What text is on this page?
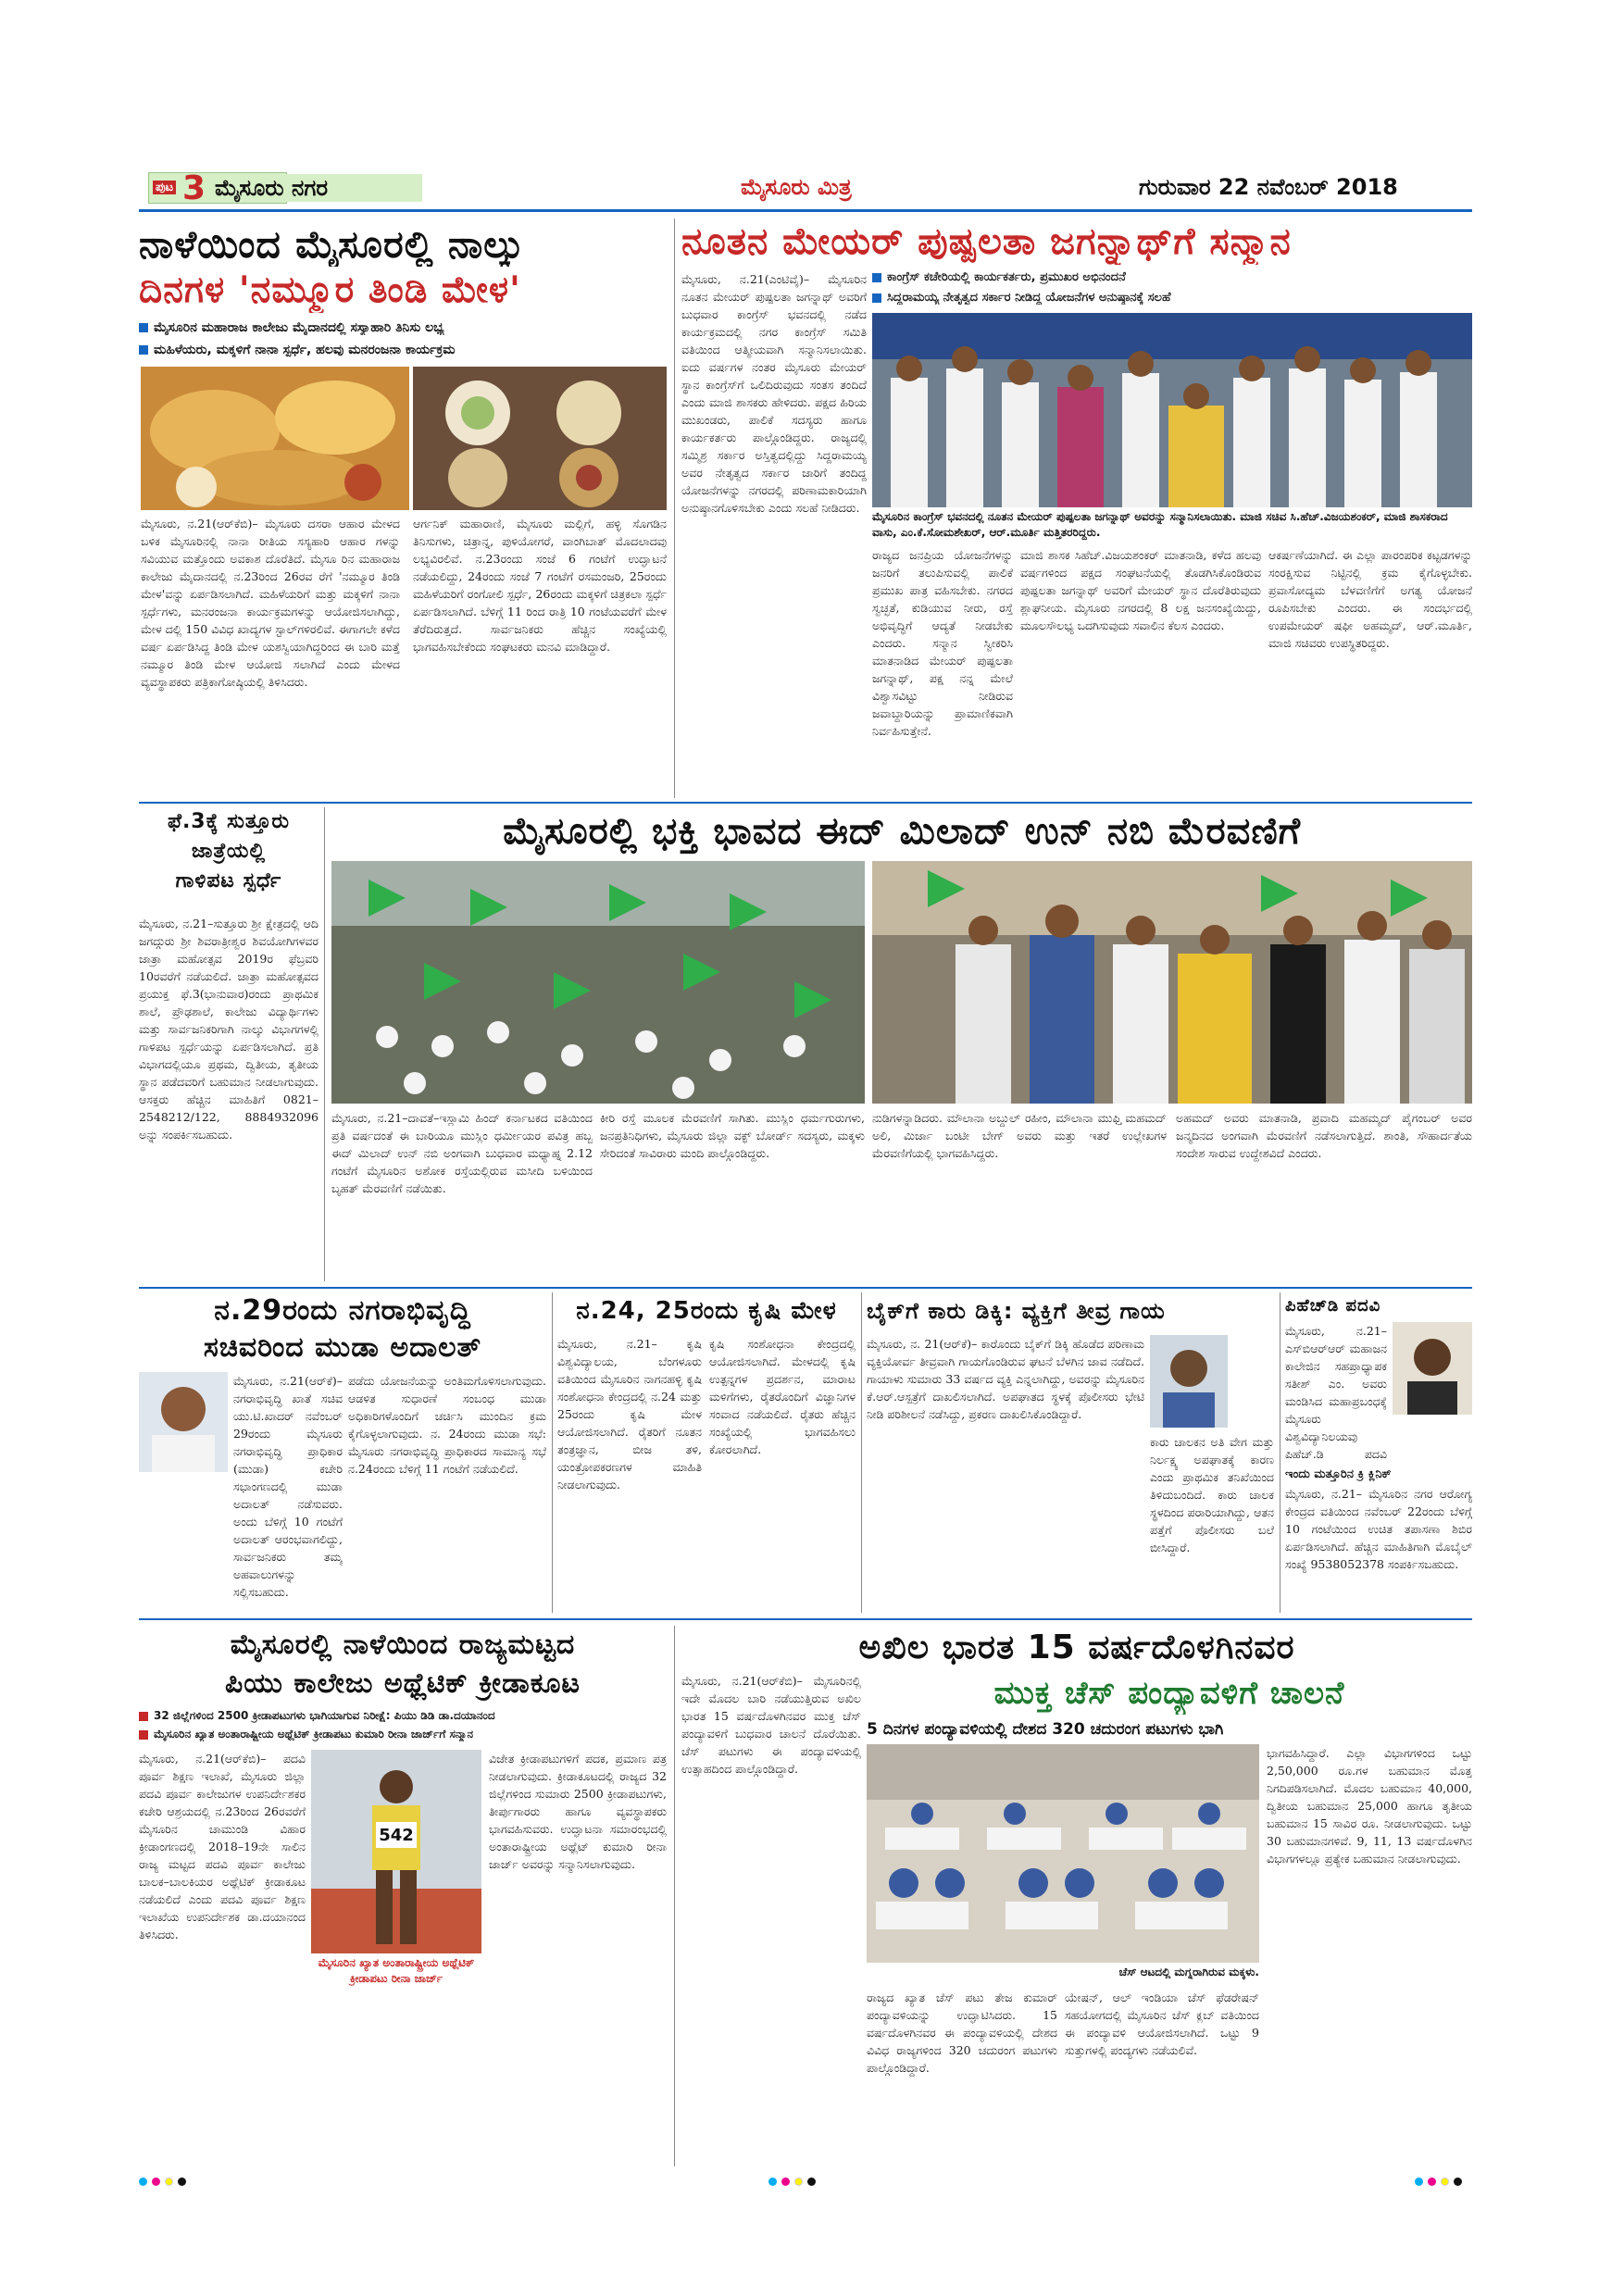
ಪುಟ 3 ಮೈಸೂರು ನಗರ	ಮೈಸೂರು ಮಿತ್ರ	ಗುರುವಾರ 22 ನವೆಂಬರ್ 2018
ನಾಳೆಯಿಂದ ಮೈಸೂರಲ್ಲಿ ನಾಲ್ಕು
ದಿನಗಳ 'ನಮ್ಮೂರ ತಿಂಡಿ ಮೇಳ'
ಮೈಸೂರಿನ ಮಹಾರಾಜ ಕಾಲೇಜು ಮೈದಾನದಲ್ಲಿ ಸಸ್ಯಾಹಾರಿ ತಿನಿಸು ಲಭ್ಯ
ಮಹಿಳೆಯರು, ಮಕ್ಕಳಿಗೆ ನಾನಾ ಸ್ಪರ್ಧೆ, ಹಲವು ಮನರಂಜನಾ ಕಾರ್ಯಕ್ರಮ
ಮೈಸೂರು, ನ.21(ಆರ್‌ಕೆಬಿ)– ಮೈಸೂರು ದಸರಾ ಆಹಾರ ಮೇಳದ ಬಳಿಕ ಮೈಸೂರಿನಲ್ಲಿ ನಾನಾ ರೀತಿಯ ಸಸ್ಯಹಾರಿ ಆಹಾರ ಗಳನ್ನು ಸವಿಯುವ ಮತ್ತೊಂದು ಅವಕಾಶ ದೊರೆತಿದೆ. ಮೈಸೂ ರಿನ ಮಹಾರಾಜ ಕಾಲೇಜು ಮೈದಾನದಲ್ಲಿ ನ.23ರಿಂದ 26ರವ ರೆಗೆ 'ನಮ್ಮೂರ ತಿಂಡಿ ಮೇಳ'ವನ್ನು ಏರ್ಪಡಿಸಲಾಗಿದೆ. ಮಹಿಳೆಯರಿಗೆ ಮತ್ತು ಮಕ್ಕಳಿಗೆ ನಾನಾ ಸ್ಪರ್ಧೆಗಳು, ಮನರಂಜನಾ ಕಾರ್ಯಕ್ರಮಗಳನ್ನು ಆಯೋಜಿಸಲಾಗಿದ್ದು, ಮೇಳ ದಲ್ಲಿ 150 ವಿವಿಧ ಖಾದ್ಯಗಳ ಸ್ಟಾಲ್‌ಗಳಿರಲಿವೆ. ಈಗಾಗಲೇ ಕಳೆದ ವರ್ಷ ಏರ್ಪಡಿಸಿದ್ದ ತಿಂಡಿ ಮೇಳ ಯಶಸ್ವಿಯಾಗಿದ್ದರಿಂದ ಈ ಬಾರಿ ಮತ್ತೆ ನಮ್ಮೂರ ತಿಂಡಿ ಮೇಳ ಆಯೋಜಿ ಸಲಾಗಿದೆ ಎಂದು ಮೇಳದ ವ್ಯವಸ್ಥಾಪಕರು ಪತ್ರಿಕಾಗೋಷ್ಠಿಯಲ್ಲಿ ತಿಳಿಸಿದರು.
ಆರ್ಗನಿಕ್ ಮಹಾರಾಣಿ, ಮೈಸೂರು ಮಲ್ಲಿಗೆ, ಹಳ್ಳಿ ಸೊಗಡಿನ ತಿನಿಸುಗಳು, ಚಿತ್ರಾನ್ನ, ಪುಳಿಯೋಗರೆ, ವಾಂಗಿಬಾತ್ ಮೊದಲಾದವು ಲಭ್ಯವಿರಲಿವೆ. ನ.23ರಂದು ಸಂಜೆ 6 ಗಂಟೆಗೆ ಉದ್ಘಾಟನೆ ನಡೆಯಲಿದ್ದು, 24ರಂದು ಸಂಜೆ 7 ಗಂಟೆಗೆ ರಸಮಂಜರಿ, 25ರಂದು ಮಹಿಳೆಯರಿಗೆ ರಂಗೋಲಿ ಸ್ಪರ್ಧೆ, 26ರಂದು ಮಕ್ಕಳಿಗೆ ಚಿತ್ರಕಲಾ ಸ್ಪರ್ಧೆ ಏರ್ಪಡಿಸಲಾಗಿದೆ. ಬೆಳಿಗ್ಗೆ 11 ರಿಂದ ರಾತ್ರಿ 10 ಗಂಟೆಯವರೆಗೆ ಮೇಳ ತೆರೆದಿರುತ್ತದೆ. ಸಾರ್ವಜನಿಕರು ಹೆಚ್ಚಿನ ಸಂಖ್ಯೆಯಲ್ಲಿ ಭಾಗವಹಿಸಬೇಕೆಂದು ಸಂಘಟಕರು ಮನವಿ ಮಾಡಿದ್ದಾರೆ.
ನೂತನ ಮೇಯರ್ ಪುಷ್ಪಲತಾ ಜಗನ್ನಾಥ್‌ಗೆ ಸನ್ಮಾನ
ಮೈಸೂರು, ನ.21(ಎಂಟಿವೈ)– ಮೈಸೂರಿನ ನೂತನ ಮೇಯರ್ ಪುಷ್ಪಲತಾ ಜಗನ್ನಾಥ್ ಅವರಿಗೆ ಬುಧವಾರ ಕಾಂಗ್ರೆಸ್ ಭವನದಲ್ಲಿ ನಡೆದ ಕಾರ್ಯಕ್ರಮದಲ್ಲಿ ನಗರ ಕಾಂಗ್ರೆಸ್ ಸಮಿತಿ ವತಿಯಿಂದ ಆತ್ಮೀಯವಾಗಿ ಸನ್ಮಾನಿಸಲಾಯಿತು. ಐದು ವರ್ಷಗಳ ನಂತರ ಮೈಸೂರು ಮೇಯರ್ ಸ್ಥಾನ ಕಾಂಗ್ರೆಸ್‌ಗೆ ಒಲಿದಿರುವುದು ಸಂತಸ ತಂದಿದೆ ಎಂದು ಮಾಜಿ ಶಾಸಕರು ಹೇಳಿದರು. ಪಕ್ಷದ ಹಿರಿಯ ಮುಖಂಡರು, ಪಾಲಿಕೆ ಸದಸ್ಯರು ಹಾಗೂ ಕಾರ್ಯಕರ್ತರು ಪಾಲ್ಗೊಂಡಿದ್ದರು. ರಾಜ್ಯದಲ್ಲಿ ಸಮ್ಮಿಶ್ರ ಸರ್ಕಾರ ಅಸ್ತಿತ್ವದಲ್ಲಿದ್ದು ಸಿದ್ದರಾಮಯ್ಯ ಅವರ ನೇತೃತ್ವದ ಸರ್ಕಾರ ಜಾರಿಗೆ ತಂದಿದ್ದ ಯೋಜನೆಗಳನ್ನು ನಗರದಲ್ಲಿ ಪರಿಣಾಮಕಾರಿಯಾಗಿ ಅನುಷ್ಠಾನಗೊಳಿಸಬೇಕು ಎಂದು ಸಲಹೆ ನೀಡಿದರು.
ಕಾಂಗ್ರೆಸ್ ಕಚೇರಿಯಲ್ಲಿ ಕಾರ್ಯಕರ್ತರು, ಪ್ರಮುಖರ ಅಭಿನಂದನೆ
ಸಿದ್ದರಾಮಯ್ಯ ನೇತೃತ್ವದ ಸರ್ಕಾರ ನೀಡಿದ್ದ ಯೋಜನೆಗಳ ಅನುಷ್ಠಾನಕ್ಕೆ ಸಲಹೆ
ಮೈಸೂರಿನ ಕಾಂಗ್ರೆಸ್ ಭವನದಲ್ಲಿ ನೂತನ ಮೇಯರ್ ಪುಷ್ಪಲತಾ ಜಗನ್ನಾಥ್ ಅವರನ್ನು ಸನ್ಮಾನಿಸಲಾಯಿತು. ಮಾಜಿ ಸಚಿವ ಸಿ.ಹೆಚ್.ವಿಜಯಶಂಕರ್, ಮಾಜಿ ಶಾಸಕರಾದ ವಾಸು, ಎಂ.ಕೆ.ಸೋಮಶೇಖರ್, ಆರ್.ಮೂರ್ತಿ ಮತ್ತಿತರರಿದ್ದರು.
ರಾಜ್ಯದ ಜನಪ್ರಿಯ ಯೋಜನೆಗಳನ್ನು ಜನರಿಗೆ ತಲುಪಿಸುವಲ್ಲಿ ಪಾಲಿಕೆ ಪ್ರಮುಖ ಪಾತ್ರ ವಹಿಸಬೇಕು. ನಗರದ ಸ್ವಚ್ಛತೆ, ಕುಡಿಯುವ ನೀರು, ರಸ್ತೆ ಅಭಿವೃದ್ಧಿಗೆ ಆದ್ಯತೆ ನೀಡಬೇಕು ಎಂದರು. ಸನ್ಮಾನ ಸ್ವೀಕರಿಸಿ ಮಾತನಾಡಿದ ಮೇಯರ್ ಪುಷ್ಪಲತಾ ಜಗನ್ನಾಥ್, ಪಕ್ಷ ನನ್ನ ಮೇಲೆ ವಿಶ್ವಾಸವಿಟ್ಟು ನೀಡಿರುವ ಜವಾಬ್ದಾರಿಯನ್ನು ಪ್ರಾಮಾಣಿಕವಾಗಿ ನಿರ್ವಹಿಸುತ್ತೇನೆ.
ಮಾಜಿ ಶಾಸಕ ಸಿಹೆಚ್.ವಿಜಯಶಂಕರ್ ಮಾತನಾಡಿ, ಕಳೆದ ಹಲವು ವರ್ಷಗಳಿಂದ ಪಕ್ಷದ ಸಂಘಟನೆಯಲ್ಲಿ ತೊಡಗಿಸಿಕೊಂಡಿರುವ ಪುಷ್ಪಲತಾ ಜಗನ್ನಾಥ್ ಅವರಿಗೆ ಮೇಯರ್ ಸ್ಥಾನ ದೊರೆತಿರುವುದು ಶ್ಲಾಘನೀಯ. ಮೈಸೂರು ನಗರದಲ್ಲಿ 8 ಲಕ್ಷ ಜನಸಂಖ್ಯೆಯಿದ್ದು, ಮೂಲಸೌಲಭ್ಯ ಒದಗಿಸುವುದು ಸವಾಲಿನ ಕೆಲಸ ಎಂದರು.
ಆಕರ್ಷಣೆಯಾಗಿದೆ. ಈ ಎಲ್ಲಾ ಪಾರಂಪರಿಕ ಕಟ್ಟಡಗಳನ್ನು ಸಂರಕ್ಷಿಸುವ ನಿಟ್ಟಿನಲ್ಲಿ ಕ್ರಮ ಕೈಗೊಳ್ಳಬೇಕು. ಪ್ರವಾಸೋದ್ಯಮ ಬೆಳವಣಿಗೆಗೆ ಅಗತ್ಯ ಯೋಜನೆ ರೂಪಿಸಬೇಕು ಎಂದರು. ಈ ಸಂದರ್ಭದಲ್ಲಿ ಉಪಮೇಯರ್ ಷಫೀ ಅಹಮ್ಮದ್, ಆರ್.ಮೂರ್ತಿ, ಮಾಜಿ ಸಚಿವರು ಉಪಸ್ಥಿತರಿದ್ದರು.
ಫೆ.3ಕ್ಕೆ ಸುತ್ತೂರು
ಜಾತ್ರೆಯಲ್ಲಿ
ಗಾಳಿಪಟ ಸ್ಪರ್ಧೆ
ಮೈಸೂರು, ನ.21–ಸುತ್ತೂರು ಶ್ರೀ ಕ್ಷೇತ್ರದಲ್ಲಿ ಆದಿ ಜಗದ್ಗುರು ಶ್ರೀ ಶಿವರಾತ್ರೀಶ್ವರ ಶಿವಯೋಗಿಗಳವರ ಜಾತ್ರಾ ಮಹೋತ್ಸವ 2019ರ ಫೆಬ್ರವರಿ 10ರವರೆಗೆ ನಡೆಯಲಿದೆ. ಜಾತ್ರಾ ಮಹೋತ್ಸವದ ಪ್ರಯುಕ್ತ ಫೆ.3(ಭಾನುವಾರ)ರಂದು ಪ್ರಾಥಮಿಕ ಶಾಲೆ, ಪ್ರೌಢಶಾಲೆ, ಕಾಲೇಜು ವಿದ್ಯಾರ್ಥಿಗಳು ಮತ್ತು ಸಾರ್ವಜನಿಕರಿಗಾಗಿ ನಾಲ್ಕು ವಿಭಾಗಗಳಲ್ಲಿ ಗಾಳಿಪಟ ಸ್ಪರ್ಧೆಯನ್ನು ಏರ್ಪಡಿಸಲಾಗಿದೆ. ಪ್ರತಿ ವಿಭಾಗದಲ್ಲಿಯೂ ಪ್ರಥಮ, ದ್ವಿತೀಯ, ತೃತೀಯ ಸ್ಥಾನ ಪಡೆದವರಿಗೆ ಬಹುಮಾನ ನೀಡಲಾಗುವುದು. ಆಸಕ್ತರು ಹೆಚ್ಚಿನ ಮಾಹಿತಿಗೆ 0821–2548212/122, 8884932096 ಅನ್ನು ಸಂಪರ್ಕಿಸಬಹುದು.
ಮೈಸೂರಲ್ಲಿ ಭಕ್ತಿ ಭಾವದ ಈದ್ ಮಿಲಾದ್ ಉನ್ ನಬಿ ಮೆರವಣಿಗೆ
ಮೈಸೂರು, ನ.21–ದಾವತೆ–ಇಸ್ಲಾಮಿ ಹಿಂದ್ ಕರ್ನಾಟಕದ ವತಿಯಿಂದ ಪ್ರತಿ ವರ್ಷದಂತೆ ಈ ಬಾರಿಯೂ ಮುಸ್ಲಿಂ ಧರ್ಮೀಯರ ಪವಿತ್ರ ಹಬ್ಬ ಈದ್ ಮಿಲಾದ್ ಉನ್ ನಬಿ ಅಂಗವಾಗಿ ಬುಧವಾರ ಮಧ್ಯಾಹ್ನ 2.12 ಗಂಟೆಗೆ ಮೈಸೂರಿನ ಅಶೋಕ ರಸ್ತೆಯಲ್ಲಿರುವ ಮಸೀದಿ ಬಳಿಯಿಂದ ಬೃಹತ್ ಮೆರವಣಿಗೆ ನಡೆಯಿತು.
ಕೀರಿ ರಸ್ತೆ ಮೂಲಕ ಮೆರವಣಿಗೆ ಸಾಗಿತು. ಮುಸ್ಲಿಂ ಧರ್ಮಗುರುಗಳು, ಜನಪ್ರತಿನಿಧಿಗಳು, ಮೈಸೂರು ಜಿಲ್ಲಾ ವಕ್ಫ್ ಬೋರ್ಡ್ ಸದಸ್ಯರು, ಮಕ್ಕಳು ಸೇರಿದಂತೆ ಸಾವಿರಾರು ಮಂದಿ ಪಾಲ್ಗೊಂಡಿದ್ದರು.
ನುಡಿಗಳನ್ನಾಡಿದರು. ಮೌಲಾನಾ ಅಬ್ದುಲ್ ರಹೀಂ, ಮೌಲಾನಾ ಮುಫ್ತಿ ಮಹಮದ್ ಅಲಿ, ಮಿರ್ಜಾ ಬಂಟೀ ಬೇಗ್ ಅವರು ಮತ್ತು ಇತರೆ ಉಲ್ಲೇಖಗಳ ಮೆರವಣಿಗೆಯಲ್ಲಿ ಭಾಗವಹಿಸಿದ್ದರು.
ಅಹಮದ್ ಅವರು ಮಾತನಾಡಿ, ಪ್ರವಾದಿ ಮಹಮ್ಮದ್ ಪೈಗಂಬರ್ ಅವರ ಜನ್ಮದಿನದ ಅಂಗವಾಗಿ ಮೆರವಣಿಗೆ ನಡೆಸಲಾಗುತ್ತಿದೆ. ಶಾಂತಿ, ಸೌಹಾರ್ದತೆಯ ಸಂದೇಶ ಸಾರುವ ಉದ್ದೇಶವಿದೆ ಎಂದರು.
ನ.29ರಂದು ನಗರಾಭಿವೃದ್ಧಿ
ಸಚಿವರಿಂದ ಮುಡಾ ಅದಾಲತ್
ಮೈಸೂರು, ನ.21(ಆರ್‌ಕೆ)– ನಗರಾಭಿವೃದ್ಧಿ ಖಾತೆ ಸಚಿವ ಯು.ಟಿ.ಖಾದರ್ ನವೆಂಬರ್ 29ರಂದು ಮೈಸೂರು ನಗರಾಭಿವೃದ್ಧಿ ಪ್ರಾಧಿಕಾರ (ಮುಡಾ) ಕಚೇರಿ ಸಭಾಂಗಣದಲ್ಲಿ ಮುಡಾ ಅದಾಲತ್ ನಡೆಸುವರು. ಅಂದು ಬೆಳಿಗ್ಗೆ 10 ಗಂಟೆಗೆ ಅದಾಲತ್ ಆರಂಭವಾಗಲಿದ್ದು, ಸಾರ್ವಜನಿಕರು ತಮ್ಮ ಅಹವಾಲುಗಳನ್ನು ಸಲ್ಲಿಸಬಹುದು.
ಪಡೆದು ಯೋಜನೆಯನ್ನು ಅಂತಿಮಗೊಳಿಸಲಾಗುವುದು. ಆಡಳಿತ ಸುಧಾರಣೆ ಸಂಬಂಧ ಮುಡಾ ಅಧಿಕಾರಿಗಳೊಂದಿಗೆ ಚರ್ಚಿಸಿ ಮುಂದಿನ ಕ್ರಮ ಕೈಗೊಳ್ಳಲಾಗುವುದು. ನ. 24ರಂದು ಮುಡಾ ಸಭೆ: ಮೈಸೂರು ನಗರಾಭಿವೃದ್ಧಿ ಪ್ರಾಧಿಕಾರದ ಸಾಮಾನ್ಯ ಸಭೆ ನ.24ರಂದು ಬೆಳಿಗ್ಗೆ 11 ಗಂಟೆಗೆ ನಡೆಯಲಿದೆ.
ನ.24, 25ರಂದು ಕೃಷಿ ಮೇಳ
ಮೈಸೂರು, ನ.21– ಕೃಷಿ ವಿಶ್ವವಿದ್ಯಾಲಯ, ಬೆಂಗಳೂರು ವತಿಯಿಂದ ಮೈಸೂರಿನ ನಾಗನಹಳ್ಳಿ ಕೃಷಿ ಸಂಶೋಧನಾ ಕೇಂದ್ರದಲ್ಲಿ ನ.24 ಮತ್ತು 25ರಂದು ಕೃಷಿ ಮೇಳ ಆಯೋಜಿಸಲಾಗಿದೆ. ರೈತರಿಗೆ ನೂತನ ತಂತ್ರಜ್ಞಾನ, ಬೀಜ ತಳಿ, ಯಂತ್ರೋಪಕರಣಗಳ ಮಾಹಿತಿ ನೀಡಲಾಗುವುದು.
ಕೃಷಿ ಸಂಶೋಧನಾ ಕೇಂದ್ರದಲ್ಲಿ ಆಯೋಜಿಸಲಾಗಿದೆ. ಮೇಳದಲ್ಲಿ ಕೃಷಿ ಉತ್ಪನ್ನಗಳ ಪ್ರದರ್ಶನ, ಮಾರಾಟ ಮಳಿಗೆಗಳು, ರೈತರೊಂದಿಗೆ ವಿಜ್ಞಾನಿಗಳ ಸಂವಾದ ನಡೆಯಲಿದೆ. ರೈತರು ಹೆಚ್ಚಿನ ಸಂಖ್ಯೆಯಲ್ಲಿ ಭಾಗವಹಿಸಲು ಕೋರಲಾಗಿದೆ.
ಬೈಕ್‌ಗೆ ಕಾರು ಡಿಕ್ಕಿ: ವ್ಯಕ್ತಿಗೆ ತೀವ್ರ ಗಾಯ
ಮೈಸೂರು, ನ. 21(ಆರ್‌ಕೆ)– ಕಾರೊಂದು ಬೈಕ್‌ಗೆ ಡಿಕ್ಕಿ ಹೊಡೆದ ಪರಿಣಾಮ ವ್ಯಕ್ತಿಯೋರ್ವ ತೀವ್ರವಾಗಿ ಗಾಯಗೊಂಡಿರುವ ಘಟನೆ ಬೆಳಗಿನ ಜಾವ ನಡೆದಿದೆ. ಗಾಯಾಳು ಸುಮಾರು 33 ವರ್ಷದ ವ್ಯಕ್ತಿ ಎನ್ನಲಾಗಿದ್ದು, ಅವರನ್ನು ಮೈಸೂರಿನ ಕೆ.ಆರ್.ಆಸ್ಪತ್ರೆಗೆ ದಾಖಲಿಸಲಾಗಿದೆ. ಅಪಘಾತದ ಸ್ಥಳಕ್ಕೆ ಪೊಲೀಸರು ಭೇಟಿ ನೀಡಿ ಪರಿಶೀಲನೆ ನಡೆಸಿದ್ದು, ಪ್ರಕರಣ ದಾಖಲಿಸಿಕೊಂಡಿದ್ದಾರೆ.
ಕಾರು ಚಾಲಕನ ಅತಿ ವೇಗ ಮತ್ತು ನಿರ್ಲಕ್ಷ್ಯ ಅಪಘಾತಕ್ಕೆ ಕಾರಣ ಎಂದು ಪ್ರಾಥಮಿಕ ತನಿಖೆಯಿಂದ ತಿಳಿದುಬಂದಿದೆ. ಕಾರು ಚಾಲಕ ಸ್ಥಳದಿಂದ ಪರಾರಿಯಾಗಿದ್ದು, ಆತನ ಪತ್ತೆಗೆ ಪೊಲೀಸರು ಬಲೆ ಬೀಸಿದ್ದಾರೆ.
ಪಿಹೆಚ್‌ಡಿ ಪದವಿ
ಮೈಸೂರು, ನ.21– ಎಸ್‌ಬಿಆರ್‌ಆರ್ ಮಹಾಜನ ಕಾಲೇಜಿನ ಸಹಪ್ರಾಧ್ಯಾಪಕ ಸತೀಶ್ ಎಂ. ಅವರು ಮಂಡಿಸಿದ ಮಹಾಪ್ರಬಂಧಕ್ಕೆ ಮೈಸೂರು ವಿಶ್ವವಿದ್ಯಾನಿಲಯವು ಪಿಹೆಚ್.ಡಿ ಪದವಿ
ಇಂದು ಮತ್ತೂರಿನ ಕ್ರಿ ಕ್ಲಿನಿಕ್
ಮೈಸೂರು, ನ.21– ಮೈಸೂರಿನ ನಗರ ಆರೋಗ್ಯ ಕೇಂದ್ರದ ವತಿಯಿಂದ ನವೆಂಬರ್ 22ರಂದು ಬೆಳಿಗ್ಗೆ 10 ಗಂಟೆಯಿಂದ ಉಚಿತ ತಪಾಸಣಾ ಶಿಬಿರ ಏರ್ಪಡಿಸಲಾಗಿದೆ. ಹೆಚ್ಚಿನ ಮಾಹಿತಿಗಾಗಿ ಮೊಬೈಲ್ ಸಂಖ್ಯೆ 9538052378 ಸಂಪರ್ಕಿಸಬಹುದು.
ಮೈಸೂರಲ್ಲಿ ನಾಳೆಯಿಂದ ರಾಜ್ಯಮಟ್ಟದ
ಪಿಯು ಕಾಲೇಜು ಅಥ್ಲೆಟಿಕ್ ಕ್ರೀಡಾಕೂಟ
32 ಜಿಲ್ಲೆಗಳಿಂದ 2500 ಕ್ರೀಡಾಪಟುಗಳು ಭಾಗಿಯಾಗುವ ನಿರೀಕ್ಷೆ: ಪಿಯು ಡಿಡಿ ಡಾ.ದಯಾನಂದ
ಮೈಸೂರಿನ ಖ್ಯಾತ ಅಂತಾರಾಷ್ಟ್ರೀಯ ಅಥ್ಲೆಟಿಕ್ ಕ್ರೀಡಾಪಟು ಕುಮಾರಿ ರೀನಾ ಜಾರ್ಜ್‌ಗೆ ಸನ್ಮಾನ
ಮೈಸೂರು, ನ.21(ಆರ್‌ಕೆಬಿ)– ಪದವಿ ಪೂರ್ವ ಶಿಕ್ಷಣ ಇಲಾಖೆ, ಮೈಸೂರು ಜಿಲ್ಲಾ ಪದವಿ ಪೂರ್ವ ಕಾಲೇಜುಗಳ ಉಪನಿರ್ದೇಶಕರ ಕಚೇರಿ ಆಶ್ರಯದಲ್ಲಿ ನ.23ರಿಂದ 26ರವರೆಗೆ ಮೈಸೂರಿನ ಚಾಮುಂಡಿ ವಿಹಾರ ಕ್ರೀಡಾಂಗಣದಲ್ಲಿ 2018–19ನೇ ಸಾಲಿನ ರಾಜ್ಯ ಮಟ್ಟದ ಪದವಿ ಪೂರ್ವ ಕಾಲೇಜು ಬಾಲಕ–ಬಾಲಕಿಯರ ಅಥ್ಲೆಟಿಕ್ ಕ್ರೀಡಾಕೂಟ ನಡೆಯಲಿದೆ ಎಂದು ಪದವಿ ಪೂರ್ವ ಶಿಕ್ಷಣ ಇಲಾಖೆಯ ಉಪನಿರ್ದೇಶಕ ಡಾ.ದಯಾನಂದ ತಿಳಿಸಿದರು.
542
ಮೈಸೂರಿನ ಖ್ಯಾತ ಅಂತಾರಾಷ್ಟ್ರೀಯ ಅಥ್ಲೆಟಿಕ್ ಕ್ರೀಡಾಪಟು ರೀನಾ ಜಾರ್ಜ್
ವಿಜೇತ ಕ್ರೀಡಾಪಟುಗಳಿಗೆ ಪದಕ, ಪ್ರಮಾಣ ಪತ್ರ ನೀಡಲಾಗುವುದು. ಕ್ರೀಡಾಕೂಟದಲ್ಲಿ ರಾಜ್ಯದ 32 ಜಿಲ್ಲೆಗಳಿಂದ ಸುಮಾರು 2500 ಕ್ರೀಡಾಪಟುಗಳು, ತೀರ್ಪುಗಾರರು ಹಾಗೂ ವ್ಯವಸ್ಥಾಪಕರು ಭಾಗವಹಿಸುವರು. ಉದ್ಘಾಟನಾ ಸಮಾರಂಭದಲ್ಲಿ ಅಂತಾರಾಷ್ಟ್ರೀಯ ಅಥ್ಲೆಟ್ ಕುಮಾರಿ ರೀನಾ ಜಾರ್ಜ್ ಅವರನ್ನು ಸನ್ಮಾನಿಸಲಾಗುವುದು.
ಅಖಿಲ ಭಾರತ 15 ವರ್ಷದೊಳಗಿನವರ
ಮೈಸೂರು, ನ.21(ಆರ್‌ಕೆಬಿ)– ಮೈಸೂರಿನಲ್ಲಿ ಇದೇ ಮೊದಲ ಬಾರಿ ನಡೆಯುತ್ತಿರುವ ಅಖಿಲ ಭಾರತ 15 ವರ್ಷದೊಳಗಿನವರ ಮುಕ್ತ ಚೆಸ್ ಪಂದ್ಯಾವಳಿಗೆ ಬುಧವಾರ ಚಾಲನೆ ದೊರೆಯಿತು. ಚೆಸ್ ಪಟುಗಳು ಈ ಪಂದ್ಯಾವಳಿಯಲ್ಲಿ ಉತ್ಸಾಹದಿಂದ ಪಾಲ್ಗೊಂಡಿದ್ದಾರೆ.
ಮುಕ್ತ ಚೆಸ್ ಪಂದ್ಯಾವಳಿಗೆ ಚಾಲನೆ
5 ದಿನಗಳ ಪಂದ್ಯಾವಳಿಯಲ್ಲಿ ದೇಶದ 320 ಚದುರಂಗ ಪಟುಗಳು ಭಾಗಿ
ಚೆಸ್ ಆಟದಲ್ಲಿ ಮಗ್ನರಾಗಿರುವ ಮಕ್ಕಳು.
ಭಾಗವಹಿಸಿದ್ದಾರೆ. ಎಲ್ಲಾ ವಿಭಾಗಗಳಿಂದ ಒಟ್ಟು 2,50,000 ರೂ.ಗಳ ಬಹುಮಾನ ಮೊತ್ತ ನಿಗದಿಪಡಿಸಲಾಗಿದೆ. ಮೊದಲ ಬಹುಮಾನ 40,000, ದ್ವಿತೀಯ ಬಹುಮಾನ 25,000 ಹಾಗೂ ತೃತೀಯ ಬಹುಮಾನ 15 ಸಾವಿರ ರೂ. ನೀಡಲಾಗುವುದು. ಒಟ್ಟು 30 ಬಹುಮಾನಗಳಿವೆ. 9, 11, 13 ವರ್ಷದೊಳಗಿನ ವಿಭಾಗಗಳಲ್ಲೂ ಪ್ರತ್ಯೇಕ ಬಹುಮಾನ ನೀಡಲಾಗುವುದು.
ರಾಜ್ಯದ ಖ್ಯಾತ ಚೆಸ್ ಪಟು ತೇಜ ಕುಮಾರ್ ಪಂದ್ಯಾವಳಿಯನ್ನು ಉದ್ಘಾಟಿಸಿದರು. 15 ವರ್ಷದೊಳಗಿನವರ ಈ ಪಂದ್ಯಾವಳಿಯಲ್ಲಿ ದೇಶದ ವಿವಿಧ ರಾಜ್ಯಗಳಿಂದ 320 ಚದುರಂಗ ಪಟುಗಳು ಪಾಲ್ಗೊಂಡಿದ್ದಾರೆ.
ಯೇಷನ್, ಆಲ್ ಇಂಡಿಯಾ ಚೆಸ್ ಫೆಡರೇಷನ್ ಸಹಯೋಗದಲ್ಲಿ ಮೈಸೂರಿನ ಚೆಸ್ ಕ್ಲಬ್ ವತಿಯಿಂದ ಈ ಪಂದ್ಯಾವಳಿ ಆಯೋಜಿಸಲಾಗಿದೆ. ಒಟ್ಟು 9 ಸುತ್ತುಗಳಲ್ಲಿ ಪಂದ್ಯಗಳು ನಡೆಯಲಿವೆ.
